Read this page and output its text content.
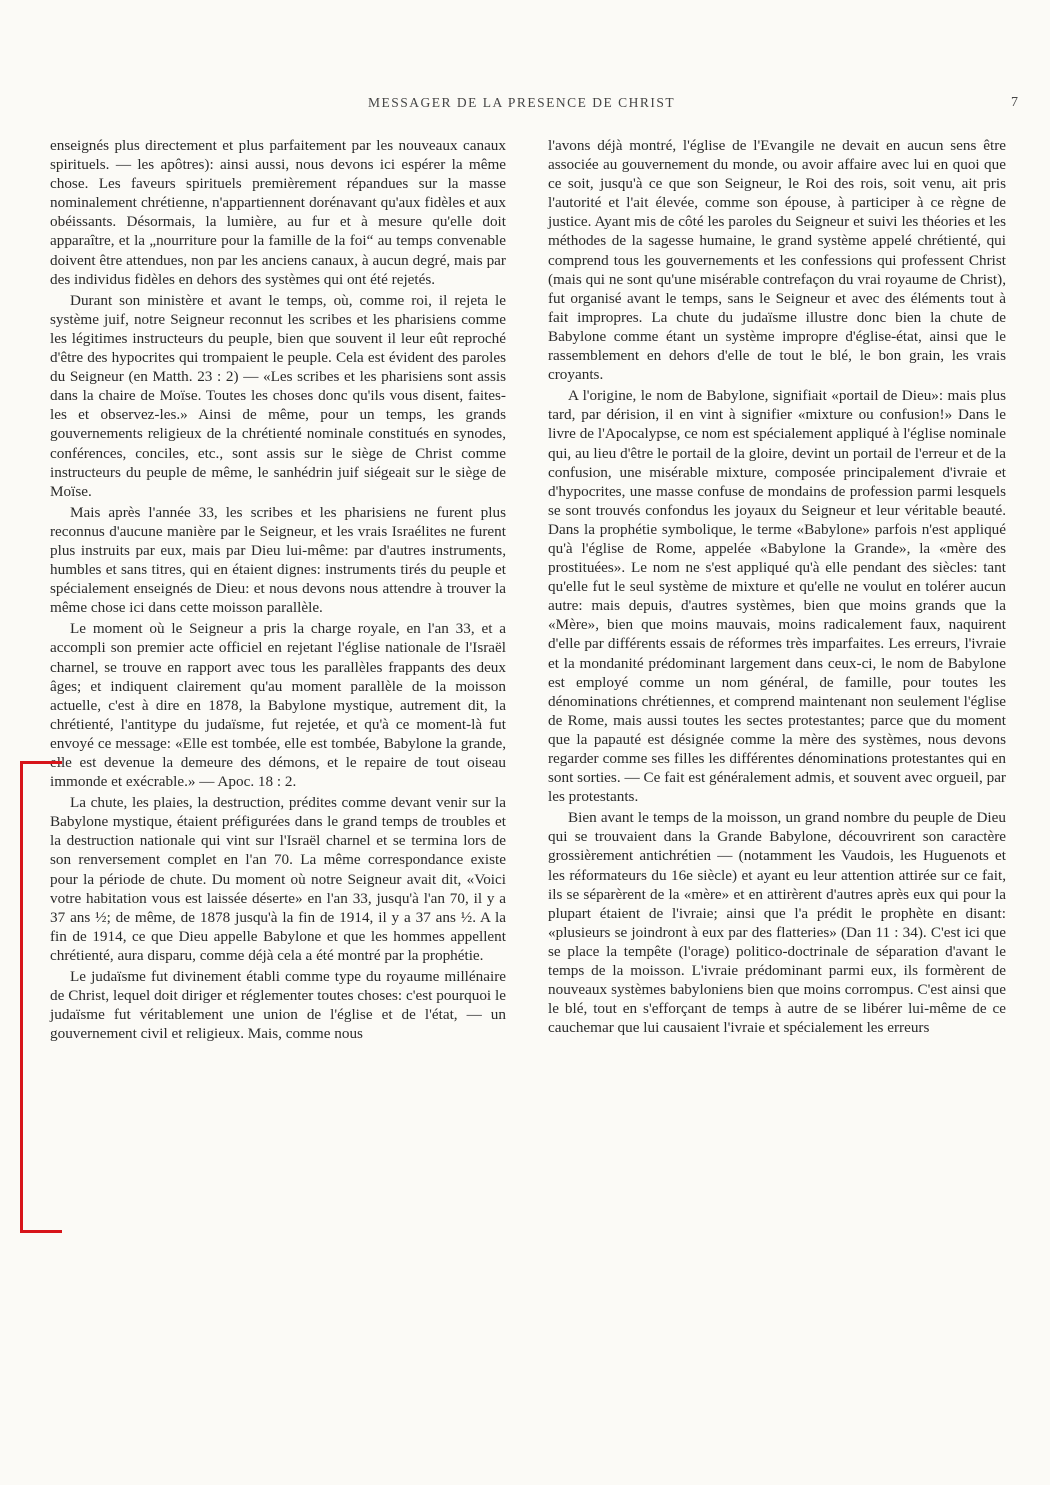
MESSAGER DE LA PRESENCE DE CHRIST	7

enseignés plus directement et plus parfaitement par les nouveaux canaux spirituels. — les apôtres): ainsi aussi, nous devons ici espérer la même chose. Les faveurs spirituels premièrement répandues sur la masse nominalement chrétienne, n'appartiennent dorénavant qu'aux fidèles et aux obéissants. Désormais, la lumière, au fur et à mesure qu'elle doit apparaître, et la „nourriture pour la famille de la foi“ au temps convenable doivent être attendues, non par les anciens canaux, à aucun degré, mais par des individus fidèles en dehors des systèmes qui ont été rejetés.

Durant son ministère et avant le temps, où, comme roi, il rejeta le système juif, notre Seigneur reconnut les scribes et les pharisiens comme les légitimes instructeurs du peuple, bien que souvent il leur eût reproché d'être des hypocrites qui trompaient le peuple. Cela est évident des paroles du Seigneur (en Matth. 23 : 2) — «Les scribes et les pharisiens sont assis dans la chaire de Moïse. Toutes les choses donc qu'ils vous disent, faites-les et observez-les.» Ainsi de même, pour un temps, les grands gouvernements religieux de la chrétienté nominale constitués en synodes, conférences, conciles, etc., sont assis sur le siège de Christ comme instructeurs du peuple de même, le sanhédrin juif siégeait sur le siège de Moïse.

Mais après l'année 33, les scribes et les pharisiens ne furent plus reconnus d'aucune manière par le Seigneur, et les vrais Israélites ne furent plus instruits par eux, mais par Dieu lui-même: par d'autres instruments, humbles et sans titres, qui en étaient dignes: instruments tirés du peuple et spécialement enseignés de Dieu: et nous devons nous attendre à trouver la même chose ici dans cette moisson parallèle.

Le moment où le Seigneur a pris la charge royale, en l'an 33, et a accompli son premier acte officiel en rejetant l'église nationale de l'Israël charnel, se trouve en rapport avec tous les parallèles frappants des deux âges; et indiquent clairement qu'au moment parallèle de la moisson actuelle, c'est à dire en 1878, la Babylone mystique, autrement dit, la chrétienté, l'antitype du judaïsme, fut rejetée, et qu'à ce moment-là fut envoyé ce message: «Elle est tombée, elle est tombée, Babylone la grande, elle est devenue la demeure des démons, et le repaire de tout oiseau immonde et exécrable.» — Apoc. 18 : 2.

La chute, les plaies, la destruction, prédites comme devant venir sur la Babylone mystique, étaient préfigurées dans le grand temps de troubles et la destruction nationale qui vint sur l'Israël charnel et se termina lors de son renversement complet en l'an 70. La même correspondance existe pour la période de chute. Du moment où notre Seigneur avait dit, «Voici votre habitation vous est laissée déserte» en l'an 33, jusqu'à l'an 70, il y a 37 ans ½; de même, de 1878 jusqu'à la fin de 1914, il y a 37 ans ½. A la fin de 1914, ce que Dieu appelle Babylone et que les hommes appellent chrétienté, aura disparu, comme déjà cela a été montré par la prophétie.

Le judaïsme fut divinement établi comme type du royaume millénaire de Christ, lequel doit diriger et réglementer toutes choses: c'est pourquoi le judaïsme fut véritablement une union de l'église et de l'état, — un gouvernement civil et religieux. Mais, comme nous

l'avons déjà montré, l'église de l'Evangile ne devait en aucun sens être associée au gouvernement du monde, ou avoir affaire avec lui en quoi que ce soit, jusqu'à ce que son Seigneur, le Roi des rois, soit venu, ait pris l'autorité et l'ait élevée, comme son épouse, à participer à ce règne de justice. Ayant mis de côté les paroles du Seigneur et suivi les théories et les méthodes de la sagesse humaine, le grand système appelé chrétienté, qui comprend tous les gouvernements et les confessions qui professent Christ (mais qui ne sont qu'une misérable contrefaçon du vrai royaume de Christ), fut organisé avant le temps, sans le Seigneur et avec des éléments tout à fait impropres. La chute du judaïsme illustre donc bien la chute de Babylone comme étant un système impropre d'église-état, ainsi que le rassemblement en dehors d'elle de tout le blé, le bon grain, les vrais croyants.

A l'origine, le nom de Babylone, signifiait «portail de Dieu»: mais plus tard, par dérision, il en vint à signifier «mixture ou confusion!» Dans le livre de l'Apocalypse, ce nom est spécialement appliqué à l'église nominale qui, au lieu d'être le portail de la gloire, devint un portail de l'erreur et de la confusion, une misérable mixture, composée principalement d'ivraie et d'hypocrites, une masse confuse de mondains de profession parmi lesquels se sont trouvés confondus les joyaux du Seigneur et leur véritable beauté. Dans la prophétie symbolique, le terme «Babylone» parfois n'est appliqué qu'à l'église de Rome, appelée «Babylone la Grande», la «mère des prostituées». Le nom ne s'est appliqué qu'à elle pendant des siècles: tant qu'elle fut le seul système de mixture et qu'elle ne voulut en tolérer aucun autre: mais depuis, d'autres systèmes, bien que moins grands que la «Mère», bien que moins mauvais, moins radicalement faux, naquirent d'elle par différents essais de réformes très imparfaites. Les erreurs, l'ivraie et la mondanité prédominant largement dans ceux-ci, le nom de Babylone est employé comme un nom général, de famille, pour toutes les dénominations chrétiennes, et comprend maintenant non seulement l'église de Rome, mais aussi toutes les sectes protestantes; parce que du moment que la papauté est désignée comme la mère des systèmes, nous devons regarder comme ses filles les différentes dénominations protestantes qui en sont sorties. — Ce fait est généralement admis, et souvent avec orgueil, par les protestants.

Bien avant le temps de la moisson, un grand nombre du peuple de Dieu qui se trouvaient dans la Grande Babylone, découvrirent son caractère grossièrement antichrétien — (notamment les Vaudois, les Huguenots et les réformateurs du 16e siècle) et ayant eu leur attention attirée sur ce fait, ils se séparèrent de la «mère» et en attirèrent d'autres après eux qui pour la plupart étaient de l'ivraie; ainsi que l'a prédit le prophète en disant: «plusieurs se joindront à eux par des flatteries» (Dan 11 : 34). C'est ici que se place la tempête (l'orage) politico-doctrinale de séparation d'avant le temps de la moisson. L'ivraie prédominant parmi eux, ils formèrent de nouveaux systèmes babyloniens bien que moins corrompus. C'est ainsi que le blé, tout en s'efforçant de temps à autre de se libérer lui-même de ce cauchemar que lui causaient l'ivraie et spécialement les erreurs
